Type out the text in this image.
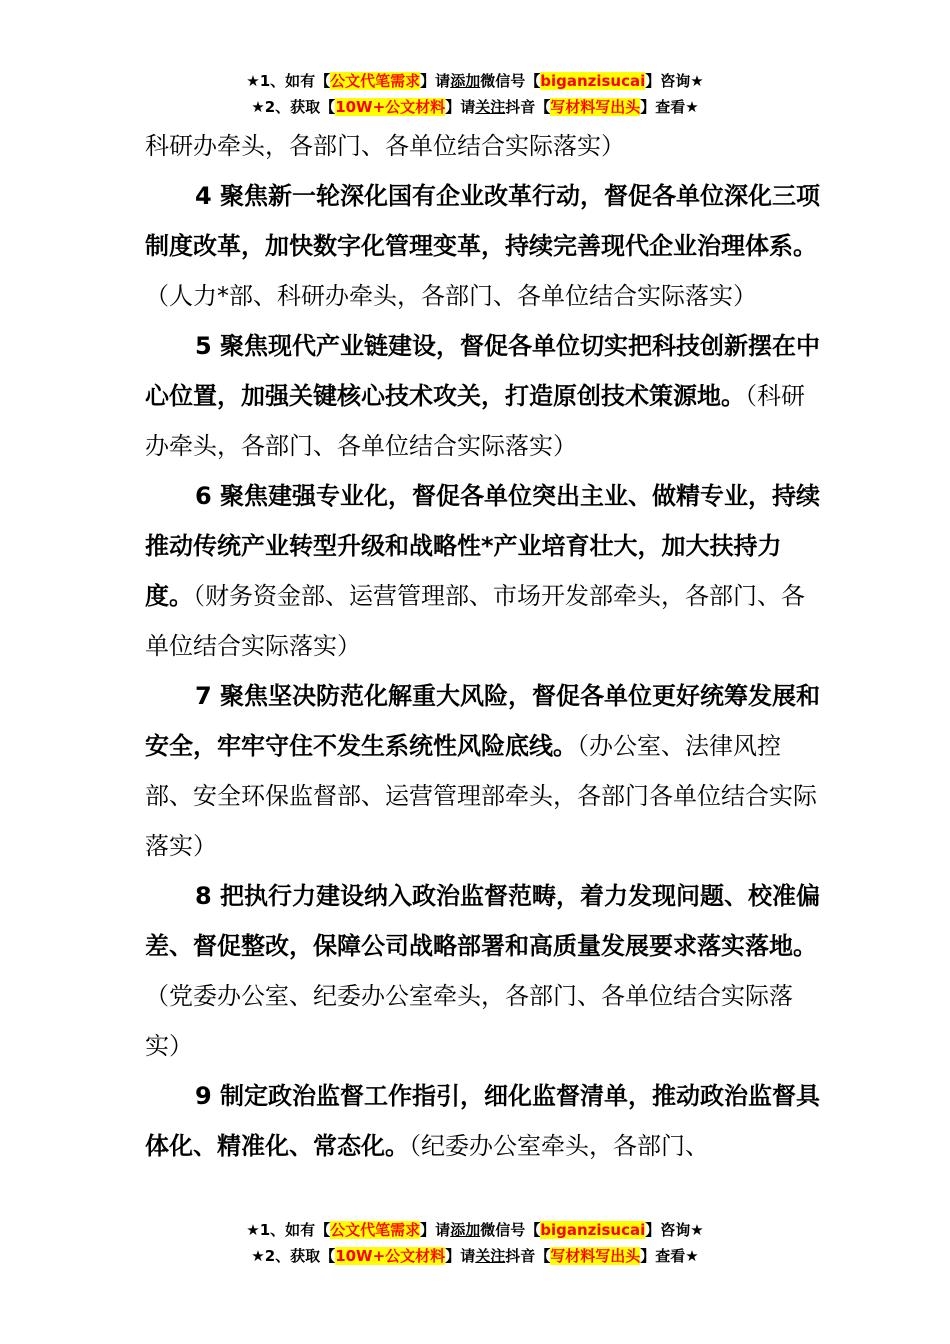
★1、如有【公文代笔需求】请添加微信号【biganzisucai】咨询★
★2、获取【10W+公文材料】请关注抖音【写材料写出头】查看★

科研办牵头，各部门、各单位结合实际落实）

4 聚焦新一轮深化国有企业改革行动，督促各单位深化三项制度改革，加快数字化管理变革，持续完善现代企业治理体系。（人力*部、科研办牵头，各部门、各单位结合实际落实）

5 聚焦现代产业链建设，督促各单位切实把科技创新摆在中心位置，加强关键核心技术攻关，打造原创技术策源地。（科研办牵头，各部门、各单位结合实际落实）

6 聚焦建强专业化，督促各单位突出主业、做精专业，持续推动传统产业转型升级和战略性*产业培育壮大，加大扶持力度。（财务资金部、运营管理部、市场开发部牵头，各部门、各单位结合实际落实）

7 聚焦坚决防范化解重大风险，督促各单位更好统筹发展和安全，牢牢守住不发生系统性风险底线。（办公室、法律风控部、安全环保监督部、运营管理部牵头，各部门各单位结合实际落实）

8 把执行力建设纳入政治监督范畴，着力发现问题、校准偏差、督促整改，保障公司战略部署和高质量发展要求落实落地。（党委办公室、纪委办公室牵头，各部门、各单位结合实际落实）

9 制定政治监督工作指引，细化监督清单，推动政治监督具体化、精准化、常态化。（纪委办公室牵头，各部门、

★1、如有【公文代笔需求】请添加微信号【biganzisucai】咨询★
★2、获取【10W+公文材料】请关注抖音【写材料写出头】查看★
